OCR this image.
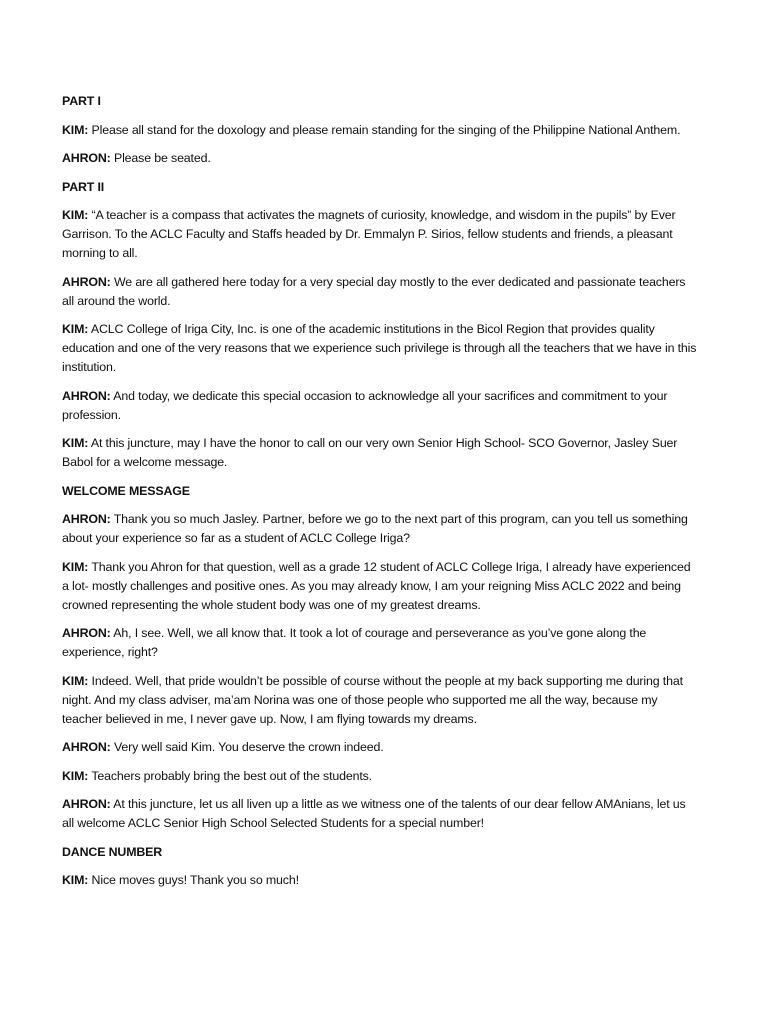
PART I

KIM: Please all stand for the doxology and please remain standing for the singing of the Philippine National Anthem.

AHRON: Please be seated.

PART II

KIM: “A teacher is a compass that activates the magnets of curiosity, knowledge, and wisdom in the pupils” by Ever Garrison. To the ACLC Faculty and Staffs headed by Dr. Emmalyn P. Sirios, fellow students and friends, a pleasant morning to all.

AHRON: We are all gathered here today for a very special day mostly to the ever dedicated and passionate teachers all around the world.

KIM: ACLC College of Iriga City, Inc. is one of the academic institutions in the Bicol Region that provides quality education and one of the very reasons that we experience such privilege is through all the teachers that we have in this institution.

AHRON: And today, we dedicate this special occasion to acknowledge all your sacrifices and commitment to your profession.

KIM: At this juncture, may I have the honor to call on our very own Senior High School- SCO Governor, Jasley Suer Babol for a welcome message.

WELCOME MESSAGE

AHRON: Thank you so much Jasley. Partner, before we go to the next part of this program, can you tell us something about your experience so far as a student of ACLC College Iriga?

KIM: Thank you Ahron for that question, well as a grade 12 student of ACLC College Iriga, I already have experienced a lot- mostly challenges and positive ones. As you may already know, I am your reigning Miss ACLC 2022 and being crowned representing the whole student body was one of my greatest dreams.

AHRON: Ah, I see. Well, we all know that. It took a lot of courage and perseverance as you’ve gone along the experience, right?

KIM: Indeed. Well, that pride wouldn’t be possible of course without the people at my back supporting me during that night. And my class adviser, ma’am Norina was one of those people who supported me all the way, because my teacher believed in me, I never gave up. Now, I am flying towards my dreams.

AHRON: Very well said Kim. You deserve the crown indeed.

KIM: Teachers probably bring the best out of the students.

AHRON: At this juncture, let us all liven up a little as we witness one of the talents of our dear fellow AMAnians, let us all welcome ACLC Senior High School Selected Students for a special number!

DANCE NUMBER

KIM: Nice moves guys! Thank you so much!
